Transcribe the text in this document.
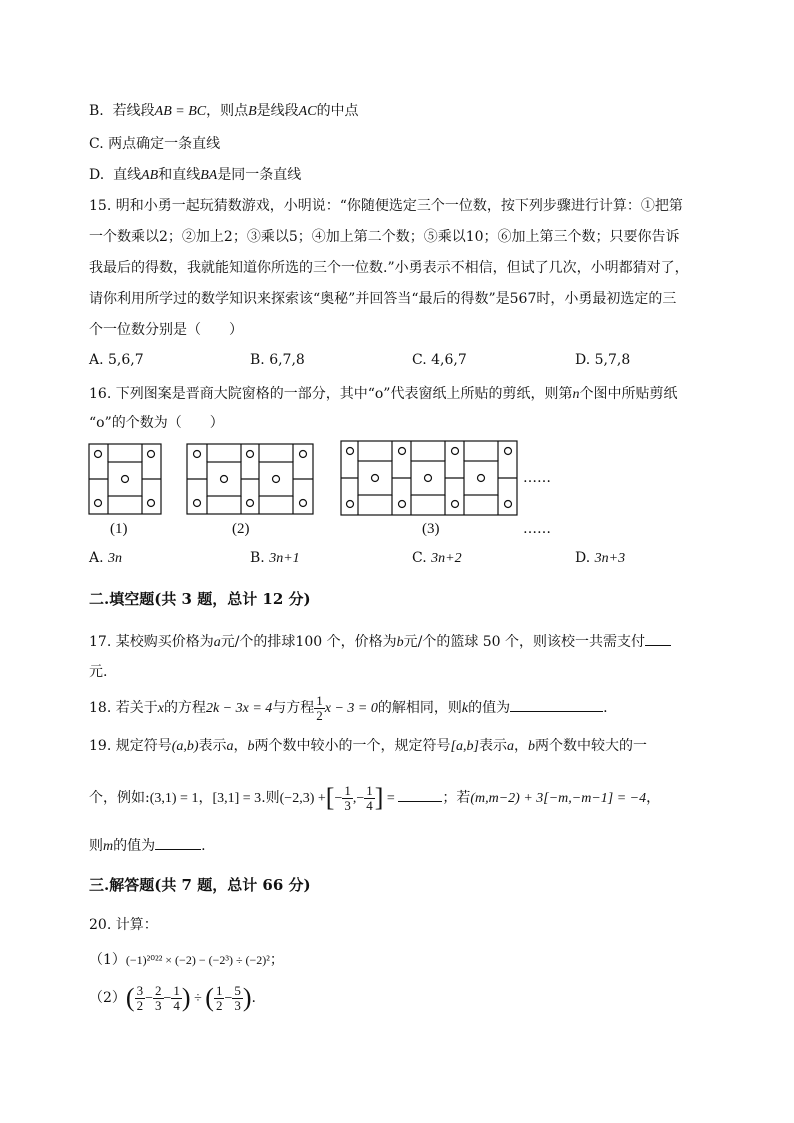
B. 若线段AB = BC，则点B是线段AC的中点
C. 两点确定一条直线
D. 直线AB和直线BA是同一条直线
15. 明和小勇一起玩猜数游戏，小明说：“你随便选定三个一位数，按下列步骤进行计算：①把第
一个数乘以2；②加上2；③乘以5；④加上第二个数；⑤乘以10；⑥加上第三个数；只要你告诉
我最后的得数，我就能知道你所选的三个一位数.”小勇表示不相信，但试了几次，小明都猜对了，
请你利用所学过的数学知识来探索该“奥秘”并回答当“最后的得数”是567时，小勇最初选定的三
个一位数分别是（　　）
A. 5,6,7	B. 6,7,8	C. 4,6,7	D. 5,7,8
16. 下列图案是晋商大院窗格的一部分，其中“o”代表窗纸上所贴的剪纸，则第n个图中所贴剪纸
“o”的个数为（　　）
……
(1)	(2)	(3)	……
A. 3n	B. 3n+1	C. 3n+2	D. 3n+3
二.填空题(共 3 题，总计 12 分)
17. 某校购买价格为a元/个的排球100 个，价格为b元/个的篮球 50 个，则该校一共需支付
元.
18. 若关于x的方程2k − 3x = 4与方程 $\frac{1}{2}$ x − 3 = 0的解相同，则k的值为	.
19. 规定符号(a,b)表示a，b两个数中较小的一个，规定符号[a,b]表示a，b两个数中较大的一
个，例如:(3,1) = 1，[3,1] = 3.则(−2,3) +[− $\frac{1}{3}$ ,− $\frac{1}{4}$ ] =	；若(m,m−2) + 3[−m,−m−1] = −4，
则m的值为	.
三.解答题(共 7 题，总计 66 分)
20. 计算：
（1）(−1)²⁰²² × (−2) − (−2³) ÷ (−2)²；
$(2)( \frac{3}{2} - \frac{2}{3} - \frac{1}{4}$ ) ÷ ( $\frac{1}{2} - \frac{5}{3}$ ).
